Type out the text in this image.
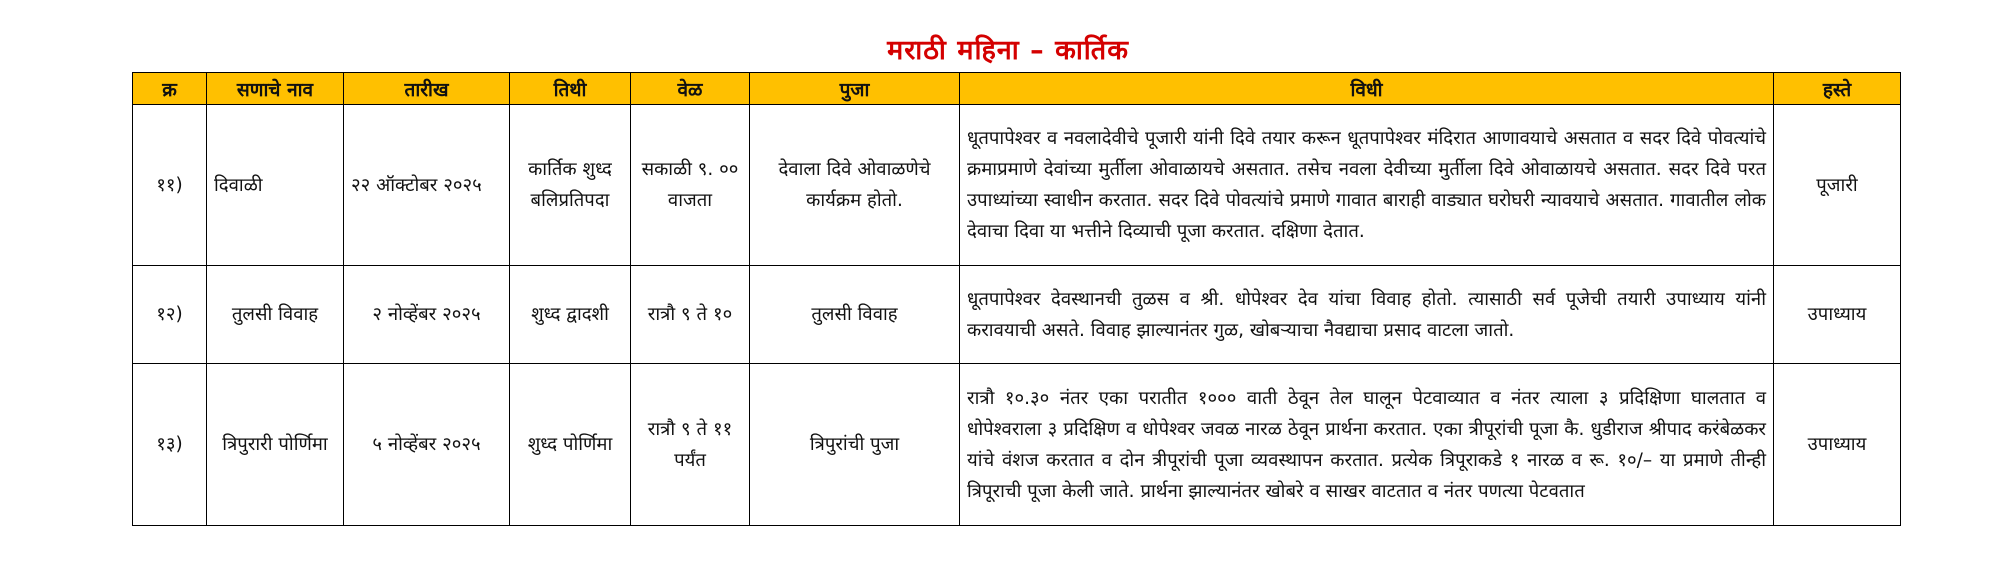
मराठी महिना – कार्तिक
क्र	सणाचे नाव	तारीख	तिथी	वेळ	पुजा	विधी	हस्ते
११)	दिवाळी	२२ ऑक्टोबर २०२५	कार्तिक शुध्द बलिप्रतिपदा	सकाळी ९. ०० वाजता	देवाला दिवे ओवाळणेचे कार्यक्रम होतो.	धूतपापेश्वर व नवलादेवीचे पूजारी यांनी दिवे तयार करून धूतपापेश्वर मंदिरात आणावयाचे असतात व सदर दिवे पोवत्यांचे क्रमाप्रमाणे देवांच्या मुर्तीला ओवाळायचे असतात. तसेच नवला देवीच्या मुर्तीला दिवे ओवाळायचे असतात. सदर दिवे परत उपाध्यांच्या स्वाधीन करतात. सदर दिवे पोवत्यांचे प्रमाणे गावात बाराही वाड्यात घरोघरी न्यावयाचे असतात. गावातील लोक देवाचा दिवा या भत्तीने दिव्याची पूजा करतात. दक्षिणा देतात.	पूजारी
१२)	तुलसी विवाह	२ नोव्हेंबर २०२५	शुध्द द्वादशी	रात्रौ ९ ते १०	तुलसी विवाह	धूतपापेश्वर देवस्थानची तुळस व श्री. धोपेश्वर देव यांचा विवाह होतो. त्यासाठी सर्व पूजेची तयारी उपाध्याय यांनी करावयाची असते. विवाह झाल्यानंतर गुळ, खोबऱ्याचा नैवद्याचा प्रसाद वाटला जातो.	उपाध्याय
१३)	त्रिपुरारी पोर्णिमा	५ नोव्हेंबर २०२५	शुध्द पोर्णिमा	रात्रौ ९ ते ११ पर्यंत	त्रिपुरांची पुजा	रात्रौ १०.३० नंतर एका परातीत १००० वाती ठेवून तेल घालून पेटवाव्यात व नंतर त्याला ३ प्रदिक्षिणा घालतात व धोपेश्वराला ३ प्रदिक्षिण व धोपेश्वर जवळ नारळ ठेवून प्रार्थना करतात. एका त्रीपूरांची पूजा कै. धुडीराज श्रीपाद करंबेळकर यांचे वंशज करतात व दोन त्रीपूरांची पूजा व्यवस्थापन करतात. प्रत्येक त्रिपूराकडे १ नारळ व रू. १०/– या प्रमाणे तीन्ही त्रिपूराची पूजा केली जाते. प्रार्थना झाल्यानंतर खोबरे व साखर वाटतात व नंतर पणत्या पेटवतात	उपाध्याय
